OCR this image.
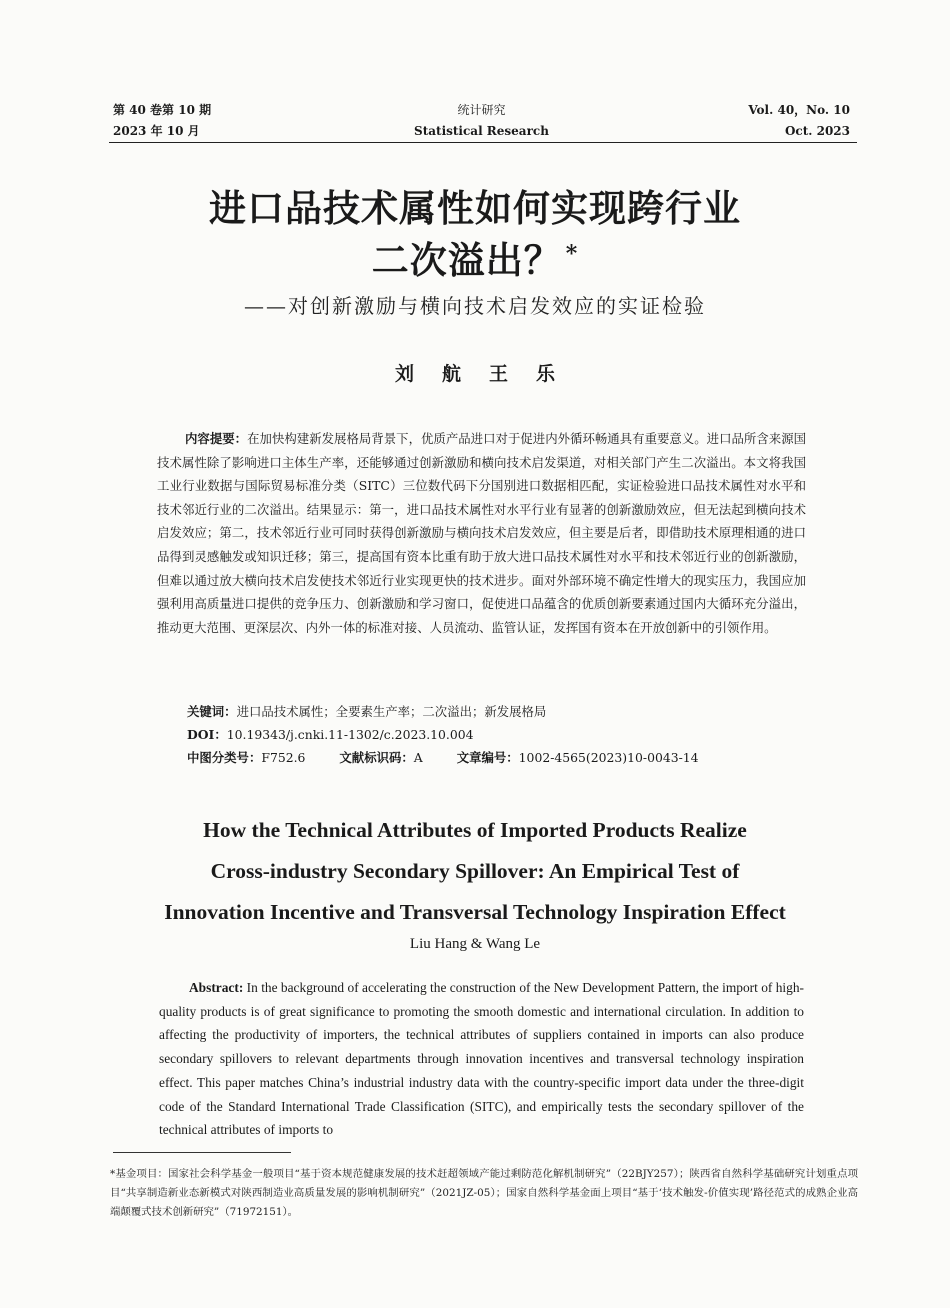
第 40 卷第 10 期
2023 年 10 月
统计研究
Statistical Research
Vol. 40，No. 10
Oct. 2023
进口品技术属性如何实现跨行业
二次溢出？ *
——对创新激励与横向技术启发效应的实证检验
刘航王乐
内容提要：在加快构建新发展格局背景下，优质产品进口对于促进内外循环畅通具有重要意义。进口品所含来源国技术属性除了影响进口主体生产率，还能够通过创新激励和横向技术启发渠道，对相关部门产生二次溢出。本文将我国工业行业数据与国际贸易标准分类（SITC）三位数代码下分国别进口数据相匹配，实证检验进口品技术属性对水平和技术邻近行业的二次溢出。结果显示：第一，进口品技术属性对水平行业有显著的创新激励效应，但无法起到横向技术启发效应；第二，技术邻近行业可同时获得创新激励与横向技术启发效应，但主要是后者，即借助技术原理相通的进口品得到灵感触发或知识迁移；第三，提高国有资本比重有助于放大进口品技术属性对水平和技术邻近行业的创新激励，但难以通过放大横向技术启发使技术邻近行业实现更快的技术进步。面对外部环境不确定性增大的现实压力，我国应加强利用高质量进口提供的竞争压力、创新激励和学习窗口，促使进口品蕴含的优质创新要素通过国内大循环充分溢出，推动更大范围、更深层次、内外一体的标准对接、人员流动、监管认证，发挥国有资本在开放创新中的引领作用。
关键词：进口品技术属性；全要素生产率；二次溢出；新发展格局
DOI：10.19343/j.cnki.11-1302/c.2023.10.004
中图分类号：F752.6	文献标识码：A	文章编号：1002-4565(2023)10-0043-14
How the Technical Attributes of Imported Products Realize
Cross-industry Secondary Spillover: An Empirical Test of
Innovation Incentive and Transversal Technology Inspiration Effect
Liu Hang & Wang Le
Abstract: In the background of accelerating the construction of the New Development Pattern, the import of high-quality products is of great significance to promoting the smooth domestic and international circulation. In addition to affecting the productivity of importers, the technical attributes of suppliers contained in imports can also produce secondary spillovers to relevant departments through innovation incentives and transversal technology inspiration effect. This paper matches China’s industrial industry data with the country-specific import data under the three-digit code of the Standard International Trade Classification (SITC), and empirically tests the secondary spillover of the technical attributes of imports to
*基金项目：国家社会科学基金一般项目“基于资本规范健康发展的技术赶超领域产能过剩防范化解机制研究”（22BJY257）；陕西省自然科学基础研究计划重点项目“共享制造新业态新模式对陕西制造业高质量发展的影响机制研究”（2021JZ-05）；国家自然科学基金面上项目“基于‘技术触发-价值实现’路径范式的成熟企业高端颠覆式技术创新研究”（71972151）。
